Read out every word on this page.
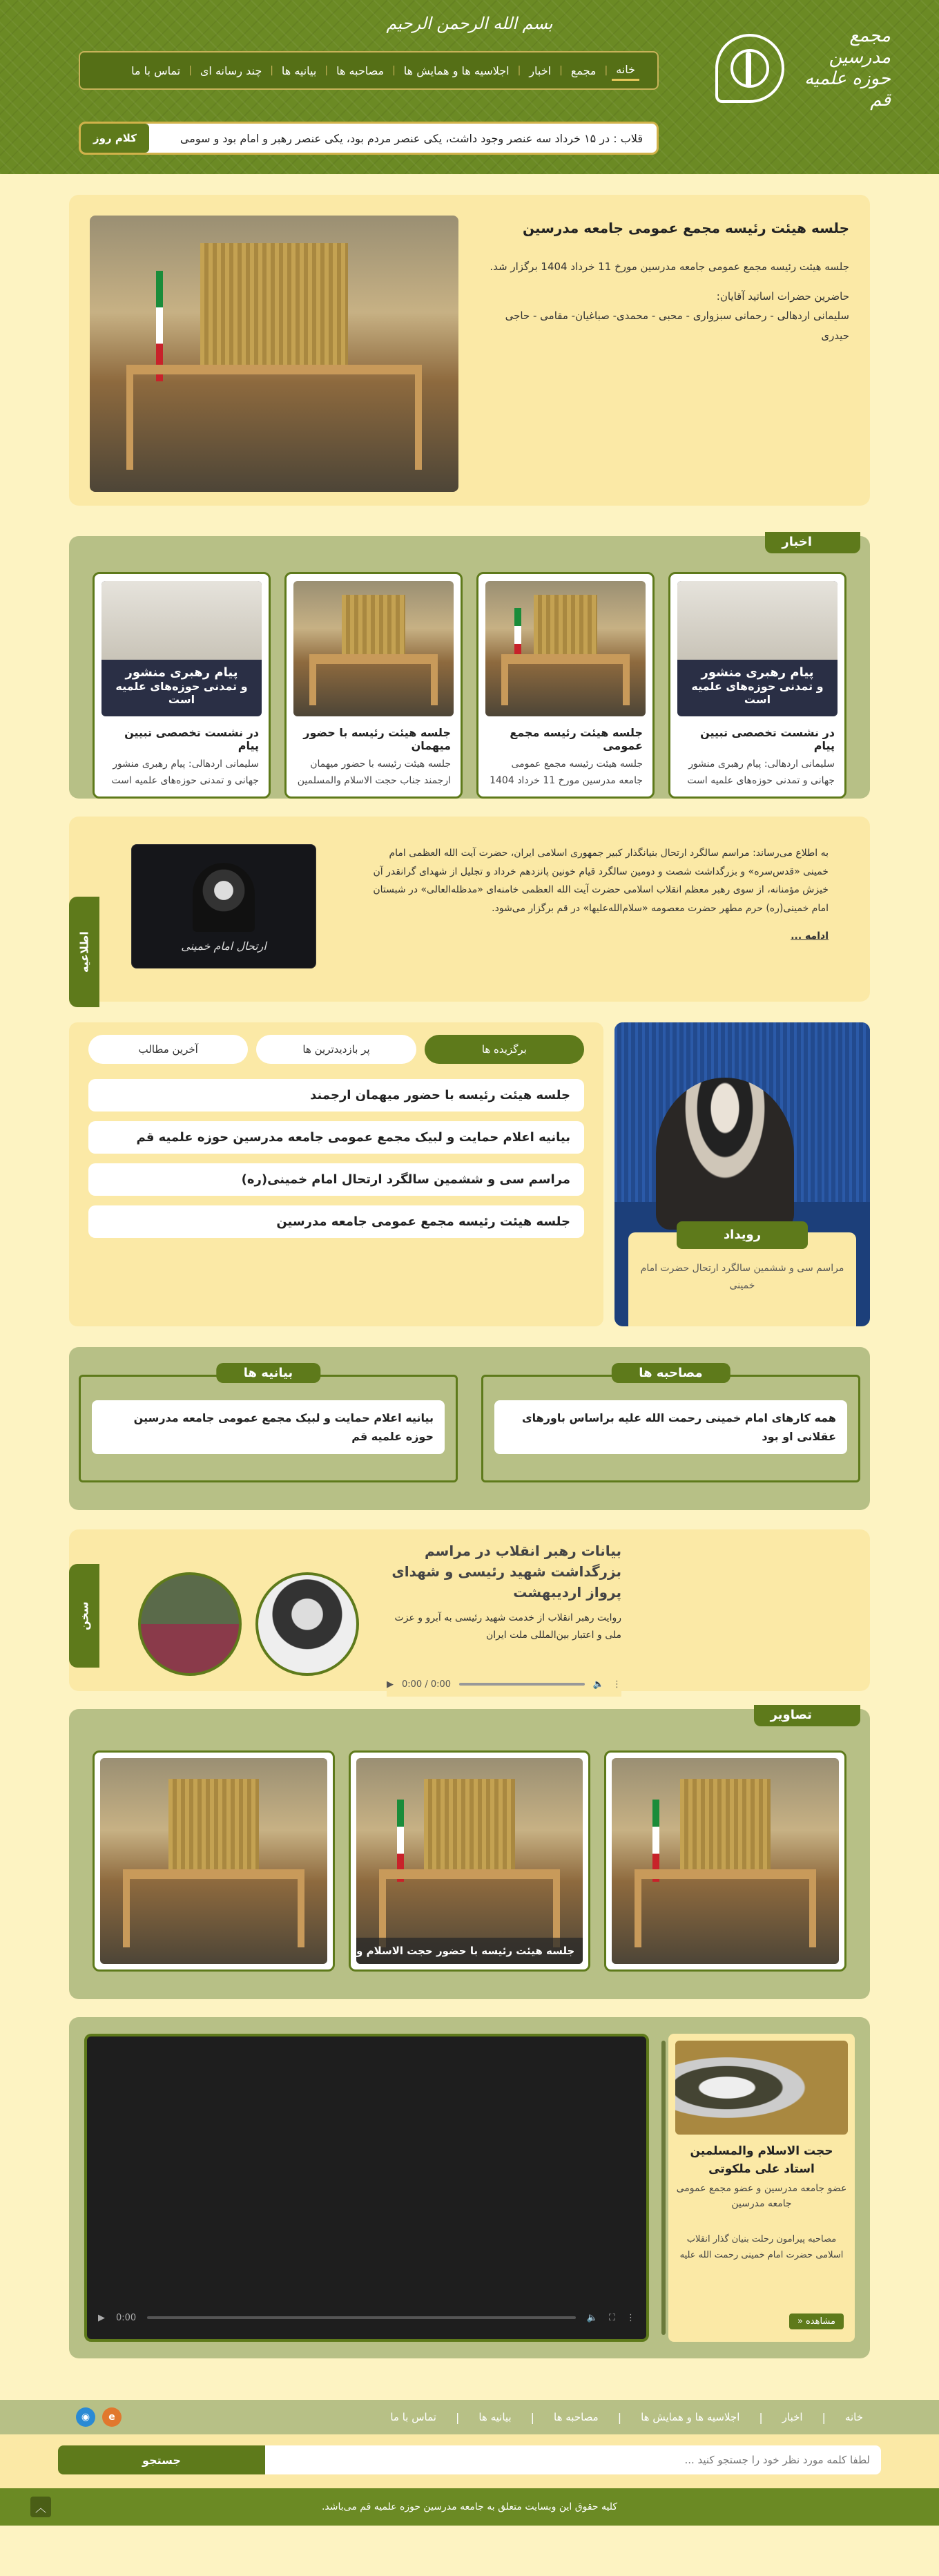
بسم الله الرحمن الرحیم
مجمع مدرسین حوزه علمیه قم
خانه
|
مجمع
|
اخبار
|
اجلاسیه ها و همایش ها
|
مصاحبه ها
|
بیانیه ها
|
چند رسانه ای
|
تماس با ما
قلاب : در ۱۵ خرداد سه عنصر وجود داشت، یکی عنصر مردم بود، یکی عنصر رهبر و امام بود و سومی
کلام روز
جلسه هیئت رئیسه مجمع عمومی جامعه مدرسین

جلسه هیئت رئیسه مجمع عمومی جامعه مدرسین مورخ 11 خرداد 1404 برگزار شد.

حاضرین حضرات اساتید آقایان:

سلیمانی اردهالی - رحمانی سبزواری - محبی - محمدی- صباغیان- مقامی - حاجی حیدری

اخبار
پیام رهبری منشور
و تمدنی حوزه‌های علمیه است
در نشست تخصصی تبیین پیام

سلیمانی اردهالی: پیام رهبری منشور جهانی و تمدنی حوزه‌های علمیه است

جلسه هیئت رئیسه مجمع عمومی

جلسه هیئت رئیسه مجمع عمومی جامعه مدرسین مورخ 11 خرداد 1404

جلسه هیئت رئیسه با حضور میهمان

جلسه هیئت رئیسه با حضور میهمان ارجمند جناب حجت الاسلام والمسلمین

پیام رهبری منشور
و تمدنی حوزه‌های علمیه است
در نشست تخصصی تبیین پیام

سلیمانی اردهالی: پیام رهبری منشور جهانی و تمدنی حوزه‌های علمیه است

به اطلاع می‌رساند: مراسم سالگرد ارتحال بنیانگذار کبیر جمهوری اسلامی ایران، حضرت آیت الله العظمی امام خمینی «قدس‌سره» و بزرگداشت شصت و دومین سالگرد قیام خونین پانزدهم خرداد و تجلیل از شهدای گرانقدر آن خیزش مؤمنانه، از سوی رهبر معظم انقلاب اسلامی حضرت آیت الله العظمی خامنه‌ای «مدظله‌العالی» در شبستان امام خمینی(ره) حرم مطهر حضرت معصومه «سلام‌الله‌علیها» در قم برگزار می‌شود.
ادامه ...
ارتحال امام خمینی
اطلاعیه
رویداد
مراسم سی و ششمین سالگرد ارتحال حضرت امام خمینی
برگزیده ها
پر بازدیدترین ها
آخرین مطالب
جلسه هیئت رئیسه با حضور میهمان ارجمند
بیانیه اعلام حمایت و لبیک مجمع عمومی جامعه مدرسین حوزه علمیه قم
مراسم سی و ششمین سالگرد ارتحال امام خمینی(ره)
جلسه هیئت رئیسه مجمع عمومی جامعه مدرسین
مصاحبه ها
همه کارهای امام خمینی رحمت الله علیه براساس باورهای عقلانی او بود
بیانیه ها
بیانیه اعلام حمایت و لبیک مجمع عمومی جامعه مدرسین حوزه علمیه قم
بیانات رهبر انقلاب در مراسم بزرگداشت شهید رئیسی و شهدای پرواز اردیبهشت

روایت رهبر انقلاب از خدمت شهید رئیسی به آبرو و عزت ملی و اعتبار بین‌المللی ملت ایران

⋮
🔈
0:00 / 0:00
▶
سخن
تصاویر
جلسه هیئت رئیسه با حضور حجت الاسلام و
حجت الاسلام والمسلمین استاد علی ملکوتی
عضو جامعه مدرسین و عضو مجمع عمومی جامعه مدرسین
مصاحبه پیرامون رحلت بنیان گذار انقلاب اسلامی حضرت امام خمینی رحمت الله علیه
مشاهده «
▶ 0:00	🔈 ⛶ ⋮
خانه
|
اخبار
|
اجلاسیه ها و همایش ها
|
مصاحبه ها
|
بیانیه ها
|
تماس با ما
e
◉
لطفا کلمه مورد نظر خود را جستجو کنید ...
جستجو
کلیه حقوق این وبسایت متعلق به جامعه مدرسین حوزه علمیه قم می‌باشد.
︿
